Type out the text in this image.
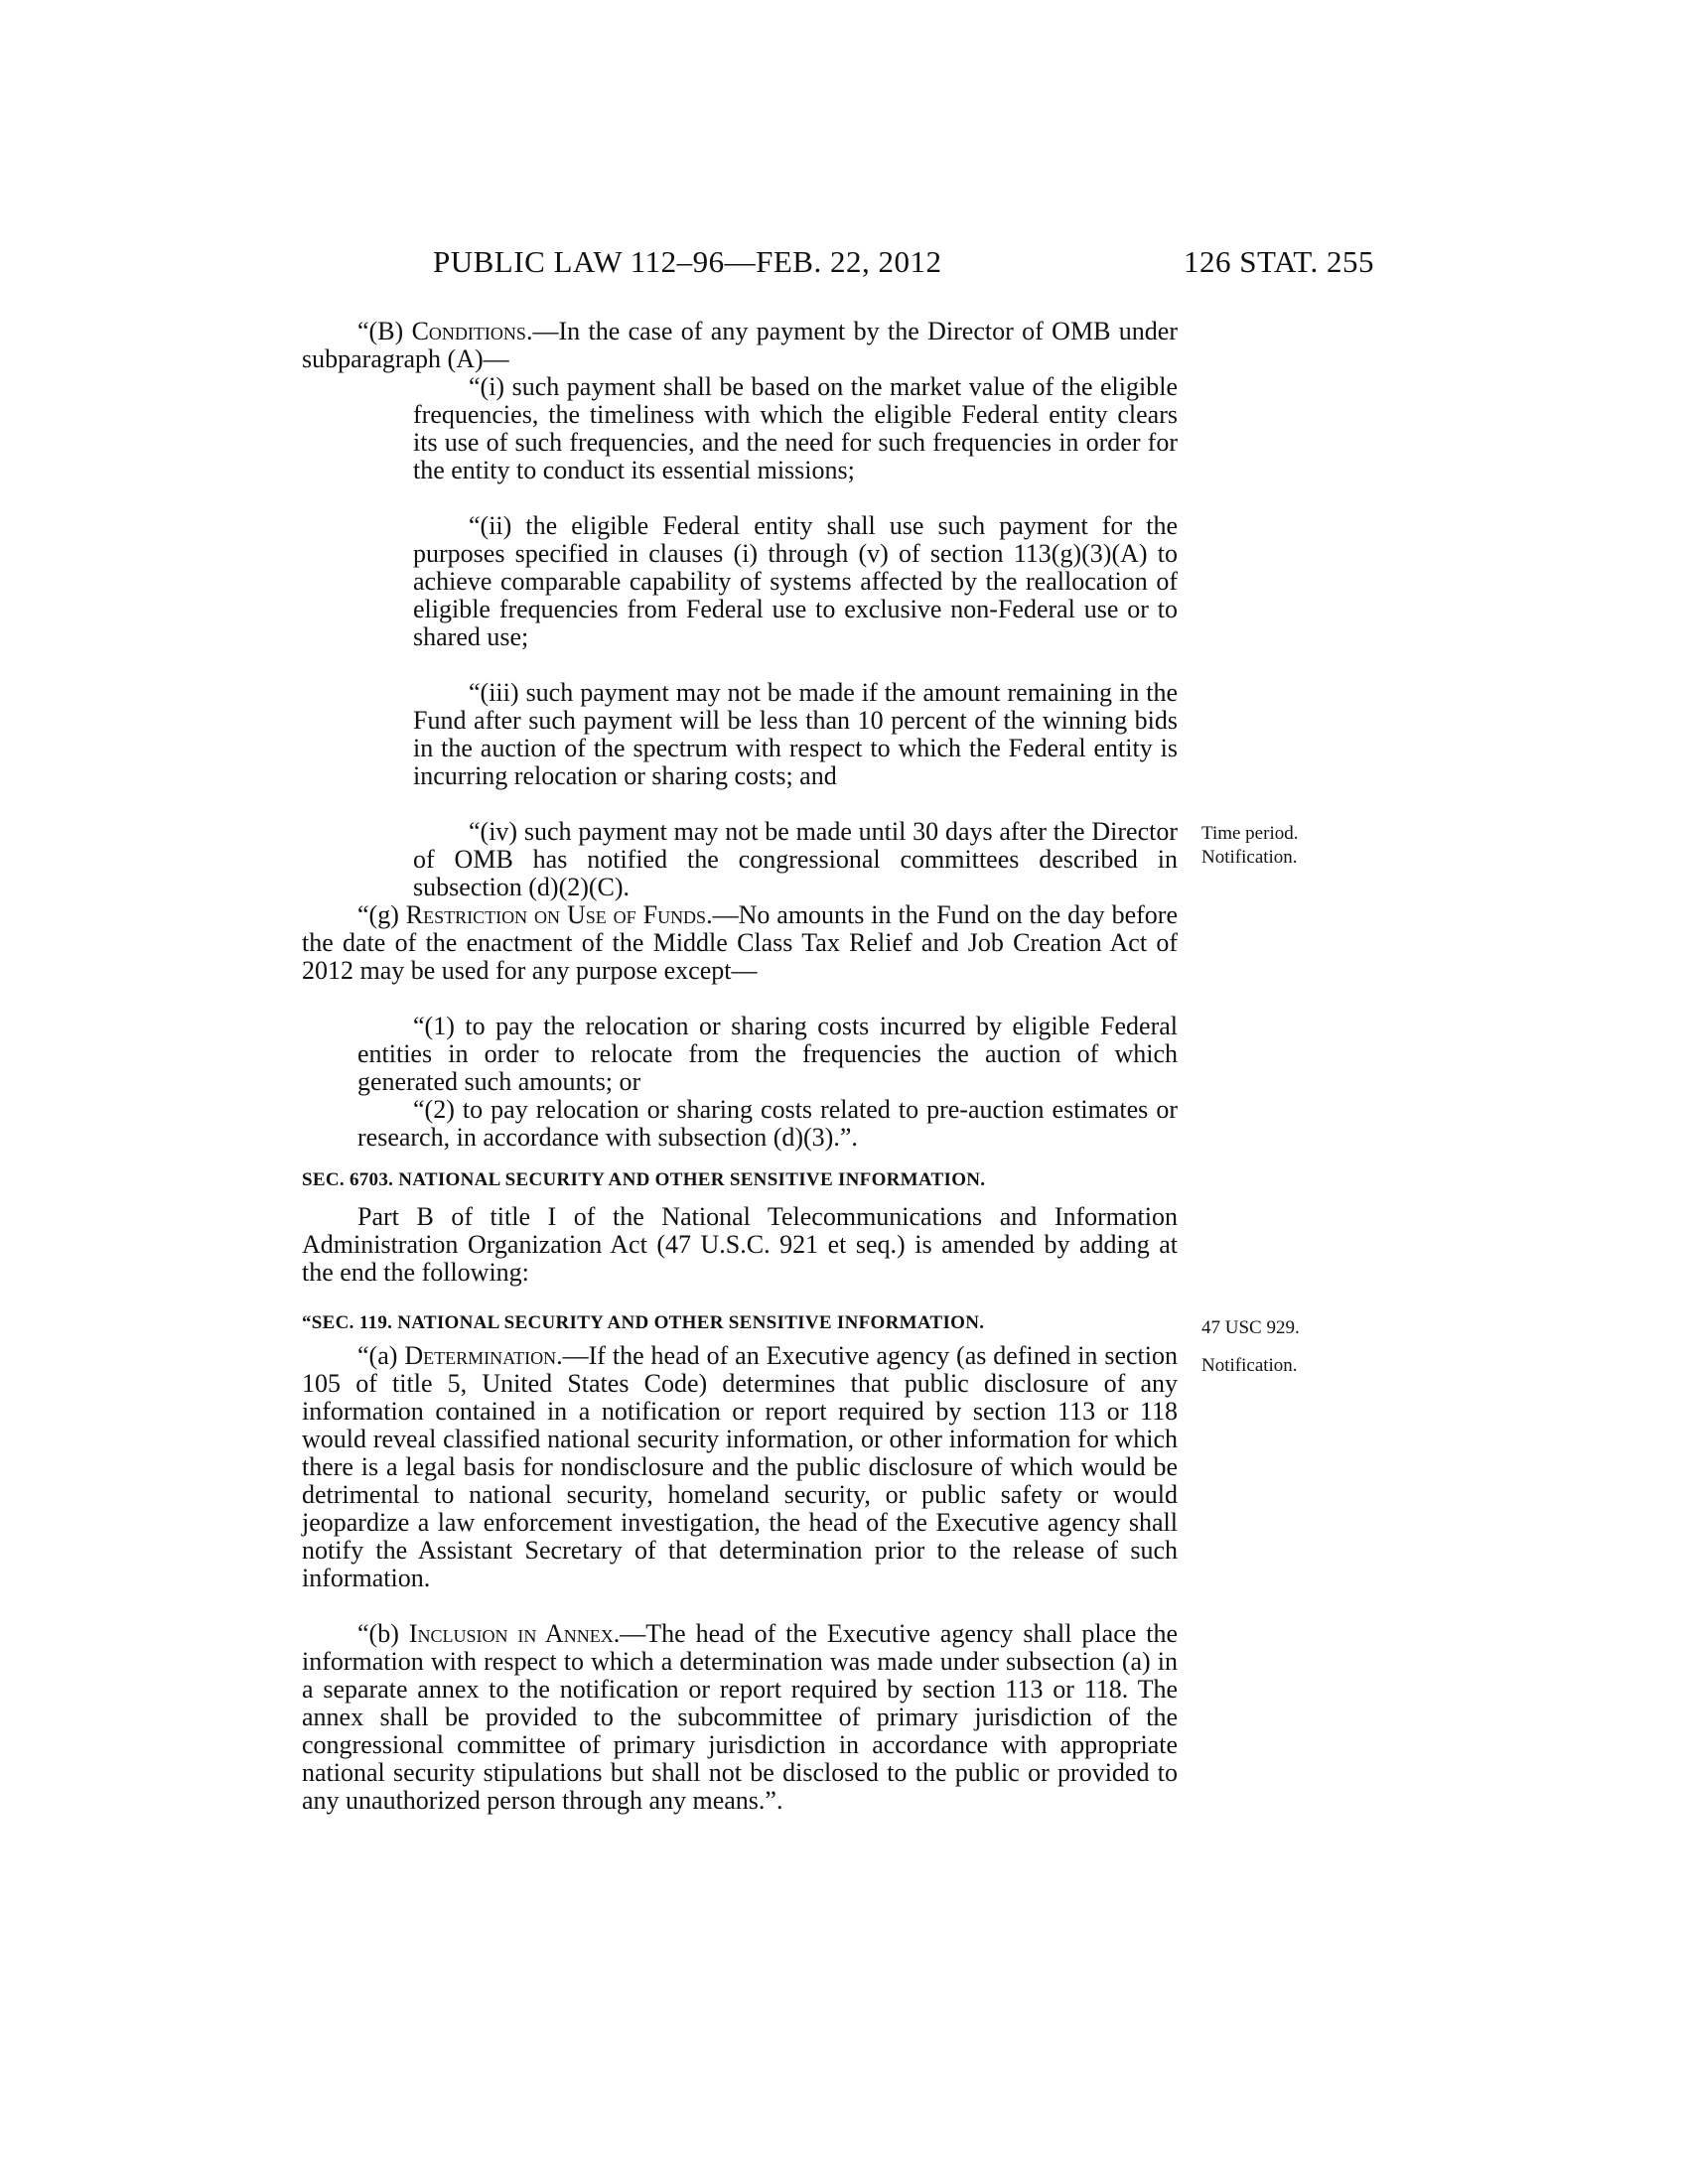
PUBLIC LAW 112–96—FEB. 22, 2012	126 STAT. 255

“(B) Conditions.—In the case of any payment by the Director of OMB under subparagraph (A)—

“(i) such payment shall be based on the market value of the eligible frequencies, the timeliness with which the eligible Federal entity clears its use of such frequencies, and the need for such frequencies in order for the entity to conduct its essential missions;

“(ii) the eligible Federal entity shall use such payment for the purposes specified in clauses (i) through (v) of section 113(g)(3)(A) to achieve comparable capability of systems affected by the reallocation of eligible frequencies from Federal use to exclusive non-Federal use or to shared use;

“(iii) such payment may not be made if the amount remaining in the Fund after such payment will be less than 10 percent of the winning bids in the auction of the spectrum with respect to which the Federal entity is incurring relocation or sharing costs; and

“(iv) such payment may not be made until 30 days after the Director of OMB has notified the congressional committees described in subsection (d)(2)(C).

“(g) Restriction on Use of Funds.—No amounts in the Fund on the day before the date of the enactment of the Middle Class Tax Relief and Job Creation Act of 2012 may be used for any purpose except—

“(1) to pay the relocation or sharing costs incurred by eligible Federal entities in order to relocate from the frequencies the auction of which generated such amounts; or

“(2) to pay relocation or sharing costs related to pre-auction estimates or research, in accordance with subsection (d)(3).”.

SEC. 6703. NATIONAL SECURITY AND OTHER SENSITIVE INFORMATION.

Part B of title I of the National Telecommunications and Information Administration Organization Act (47 U.S.C. 921 et seq.) is amended by adding at the end the following:

“SEC. 119. NATIONAL SECURITY AND OTHER SENSITIVE INFORMATION.

“(a) Determination.—If the head of an Executive agency (as defined in section 105 of title 5, United States Code) determines that public disclosure of any information contained in a notification or report required by section 113 or 118 would reveal classified national security information, or other information for which there is a legal basis for nondisclosure and the public disclosure of which would be detrimental to national security, homeland security, or public safety or would jeopardize a law enforcement investigation, the head of the Executive agency shall notify the Assistant Secretary of that determination prior to the release of such information.

“(b) Inclusion in Annex.—The head of the Executive agency shall place the information with respect to which a determination was made under subsection (a) in a separate annex to the notification or report required by section 113 or 118. The annex shall be provided to the subcommittee of primary jurisdiction of the congressional committee of primary jurisdiction in accordance with appropriate national security stipulations but shall not be disclosed to the public or provided to any unauthorized person through any means.”.

Time period.
Notification.
47 USC 929.
Notification.
